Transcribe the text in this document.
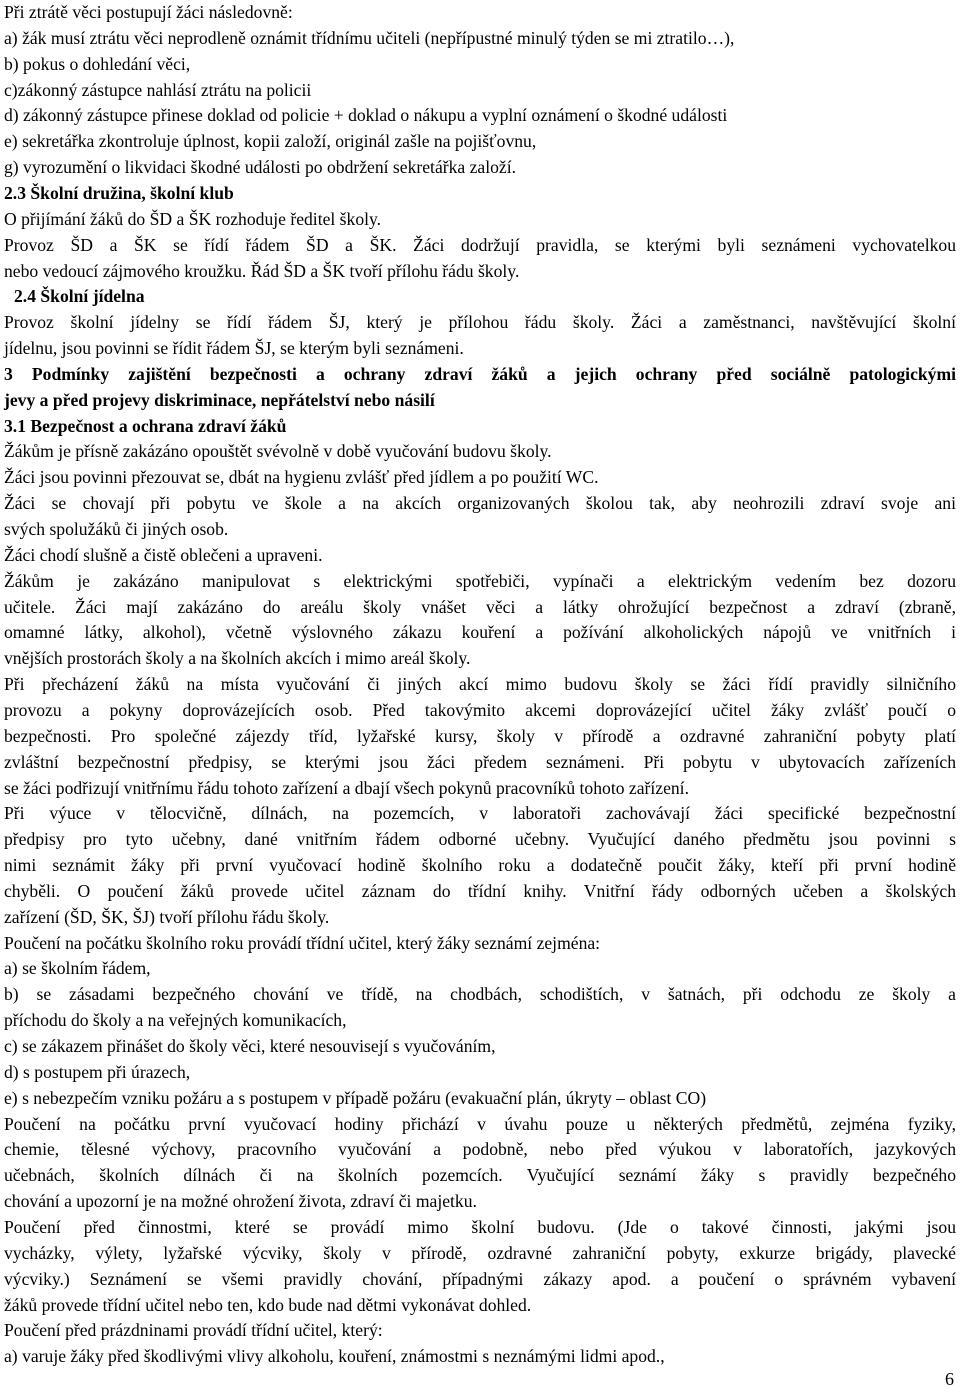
Při ztrátě věci postupují žáci následovně:
a) žák musí ztrátu věci neprodleně oznámit třídnímu učiteli (nepřípustné minulý týden se mi ztratilo…),
b) pokus o dohledání věci,
c)zákonný zástupce nahlásí ztrátu na policii
d) zákonný zástupce přinese doklad od policie + doklad o nákupu a vyplní oznámení o škodné události
e) sekretářka zkontroluje úplnost, kopii založí, originál zašle na pojišťovnu,
g) vyrozumění o likvidaci škodné události po obdržení sekretářka založí.
2.3 Školní družina, školní klub
O přijímání žáků do ŠD a ŠK rozhoduje ředitel školy.
Provoz ŠD a ŠK se řídí řádem ŠD a ŠK. Žáci dodržují pravidla, se kterými byli seznámeni vychovatelkou
nebo vedoucí zájmového kroužku. Řád ŠD a ŠK tvoří přílohu řádu školy.
2.4 Školní jídelna
Provoz školní jídelny se řídí řádem ŠJ, který je přílohou řádu školy. Žáci a zaměstnanci, navštěvující školní
jídelnu, jsou povinni se řídit řádem ŠJ, se kterým byli seznámeni.
3 Podmínky zajištění bezpečnosti a ochrany zdraví žáků a jejich ochrany před sociálně patologickými
jevy a před projevy diskriminace, nepřátelství nebo násilí
3.1 Bezpečnost a ochrana zdraví žáků
Žákům je přísně zakázáno opouštět svévolně v době vyučování budovu školy.
Žáci jsou povinni přezouvat se, dbát na hygienu zvlášť před jídlem a po použití WC.
Žáci se chovají při pobytu ve škole a na akcích organizovaných školou tak, aby neohrozili zdraví svoje ani
svých spolužáků či jiných osob.
Žáci chodí slušně a čistě oblečeni a upraveni.
Žákům je zakázáno manipulovat s elektrickými spotřebiči, vypínači a elektrickým vedením bez dozoru
učitele. Žáci mají zakázáno do areálu školy vnášet věci a látky ohrožující bezpečnost a zdraví (zbraně,
omamné látky, alkohol), včetně výslovného zákazu kouření a požívání alkoholických nápojů ve vnitřních i
vnějších prostorách školy a na školních akcích i mimo areál školy.
Při přecházení žáků na místa vyučování či jiných akcí mimo budovu školy se žáci řídí pravidly silničního
provozu a pokyny doprovázejících osob. Před takovýmito akcemi doprovázející učitel žáky zvlášť poučí o
bezpečnosti. Pro společné zájezdy tříd, lyžařské kursy, školy v přírodě a ozdravné zahraniční pobyty platí
zvláštní bezpečnostní předpisy, se kterými jsou žáci předem seznámeni. Při pobytu v ubytovacích zařízeních
se žáci podřizují vnitřnímu řádu tohoto zařízení a dbají všech pokynů pracovníků tohoto zařízení.
Při výuce v tělocvičně, dílnách, na pozemcích, v laboratoři zachovávají žáci specifické bezpečnostní
předpisy pro tyto učebny, dané vnitřním řádem odborné učebny. Vyučující daného předmětu jsou povinni s
nimi seznámit žáky při první vyučovací hodině školního roku a dodatečně poučit žáky, kteří při první hodině
chyběli. O poučení žáků provede učitel záznam do třídní knihy. Vnitřní řády odborných učeben a školských
zařízení (ŠD, ŠK, ŠJ) tvoří přílohu řádu školy.
Poučení na počátku školního roku provádí třídní učitel, který žáky seznámí zejména:
a) se školním řádem,
b) se zásadami bezpečného chování ve třídě, na chodbách, schodištích, v šatnách, při odchodu ze školy a
příchodu do školy a na veřejných komunikacích,
c) se zákazem přinášet do školy věci, které nesouvisejí s vyučováním,
d) s postupem při úrazech,
e) s nebezpečím vzniku požáru a s postupem v případě požáru (evakuační plán, úkryty – oblast CO)
Poučení na počátku první vyučovací hodiny přichází v úvahu pouze u některých předmětů, zejména fyziky,
chemie, tělesné výchovy, pracovního vyučování a podobně, nebo před výukou v laboratořích, jazykových
učebnách, školních dílnách či na školních pozemcích. Vyučující seznámí žáky s pravidly bezpečného
chování a upozorní je na možné ohrožení života, zdraví či majetku.
Poučení před činnostmi, které se provádí mimo školní budovu. (Jde o takové činnosti, jakými jsou
vycházky, výlety, lyžařské výcviky, školy v přírodě, ozdravné zahraniční pobyty, exkurze brigády, plavecké
výcviky.) Seznámení se všemi pravidly chování, případnými zákazy apod. a poučení o správném vybavení
žáků provede třídní učitel nebo ten, kdo bude nad dětmi vykonávat dohled.
Poučení před prázdninami provádí třídní učitel, který:
a) varuje žáky před škodlivými vlivy alkoholu, kouření, známostmi s neznámými lidmi apod.,
6
